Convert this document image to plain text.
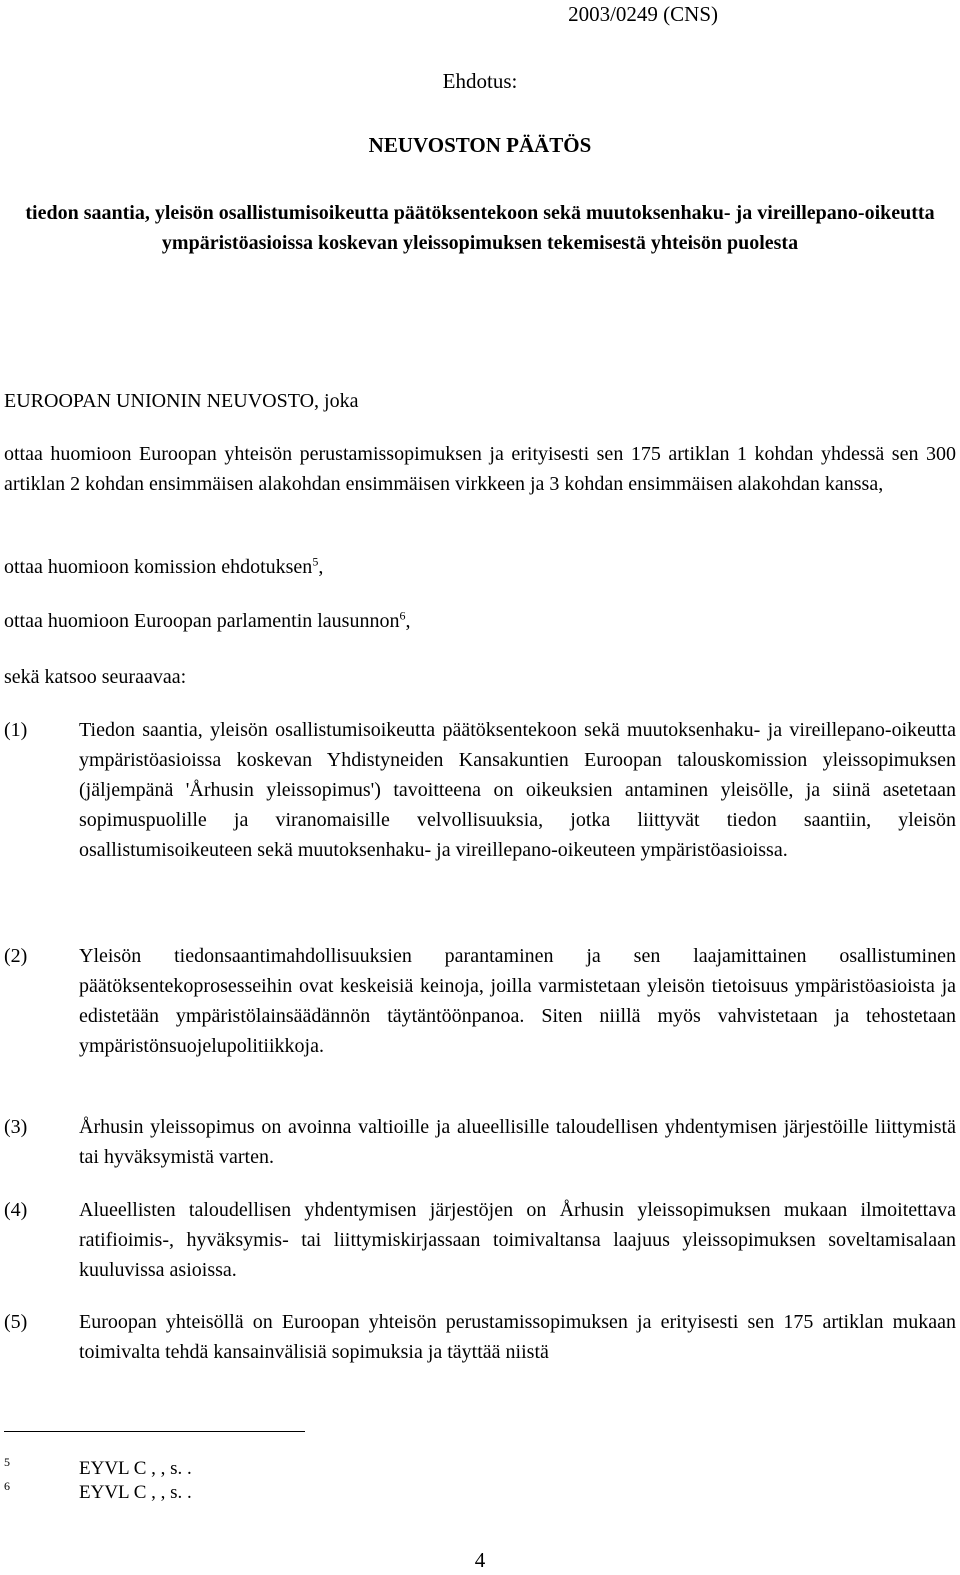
2003/0249 (CNS)
Ehdotus:
NEUVOSTON PÄÄTÖS
tiedon saantia, yleisön osallistumisoikeutta päätöksentekoon sekä muutoksenhaku- ja vireillepano-oikeutta ympäristöasioissa koskevan yleissopimuksen tekemisestä yhteisön puolesta
EUROOPAN UNIONIN NEUVOSTO, joka
ottaa huomioon Euroopan yhteisön perustamissopimuksen ja erityisesti sen 175 artiklan 1 kohdan yhdessä sen 300 artiklan 2 kohdan ensimmäisen alakohdan ensimmäisen virkkeen ja 3 kohdan ensimmäisen alakohdan kanssa,
ottaa huomioon komission ehdotuksen$^5$,
ottaa huomioon Euroopan parlamentin lausunnon$^6$,
sekä katsoo seuraavaa:
(1)	Tiedon saantia, yleisön osallistumisoikeutta päätöksentekoon sekä muutoksenhaku- ja vireillepano-oikeutta ympäristöasioissa koskevan Yhdistyneiden Kansakuntien Euroopan talouskomission yleissopimuksen (jäljempänä 'Århusin yleissopimus') tavoitteena on oikeuksien antaminen yleisölle, ja siinä asetetaan sopimuspuolille ja viranomaisille velvollisuuksia, jotka liittyvät tiedon saantiin, yleisön osallistumisoikeuteen sekä muutoksenhaku- ja vireillepano-oikeuteen ympäristöasioissa.
(2)	Yleisön tiedonsaantimahdollisuuksien parantaminen ja sen laajamittainen osallistuminen päätöksentekoprosesseihin ovat keskeisiä keinoja, joilla varmistetaan yleisön tietoisuus ympäristöasioista ja edistetään ympäristölainsäädännön täytäntöönpanoa. Siten niillä myös vahvistetaan ja tehostetaan ympäristönsuojelupolitiikkoja.
(3)	Århusin yleissopimus on avoinna valtioille ja alueellisille taloudellisen yhdentymisen järjestöille liittymistä tai hyväksymistä varten.
(4)	Alueellisten taloudellisen yhdentymisen järjestöjen on Århusin yleissopimuksen mukaan ilmoitettava ratifioimis-, hyväksymis- tai liittymiskirjassaan toimivaltansa laajuus yleissopimuksen soveltamisalaan kuuluvissa asioissa.
(5)	Euroopan yhteisöllä on Euroopan yhteisön perustamissopimuksen ja erityisesti sen 175 artiklan mukaan toimivalta tehdä kansainvälisiä sopimuksia ja täyttää niistä
5	EYVL C , , s. .
6	EYVL C , , s. .
4
